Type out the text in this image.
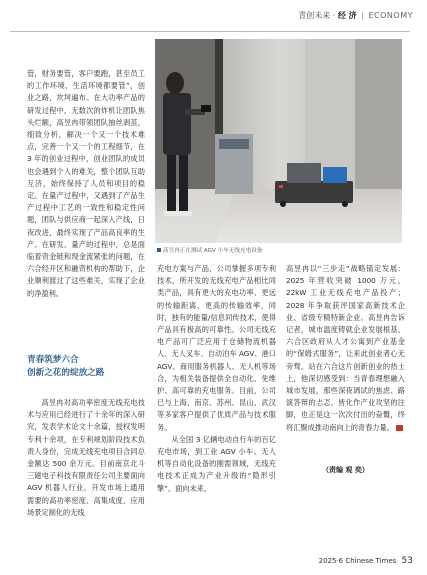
青创未来 · 经 济 | ECONOMY

管，财务要管，客户要跑，甚至员工的工作环境、生活环境都要管”，创业之路，坎坷遍布。在大功率产品的研发过程中，无数次的炸机让团队焦头烂额，高昱冉带领团队抽丝剥茧，细致分析，解决一个又一个技术难点，完善一个又一个的工程细节，在 3 年的创业过程中，创业团队的成员也会遇到个人的难关，整个团队互助互济，始终保持了人员和项目的稳定。在量产过程中，又遇到了产品生产过程中工艺的一致性和稳定性问题，团队与供应商一起深入产线，日夜改进，最终实现了产品高良率的生产。在研发、量产的过程中，总是面临着资金链和现金流紧张的问题，在六合经开区和融资机构的帮助下，企业顺利渡过了这些难关，实现了企业的净盈利。

高昱冉正在测试 AGV 小车无线充电设备
青春筑梦六合
创新之花的绽放之路

高昱冉对高功率密度无线充电技术与应用已经进行了十余年的深入研究，发表学术论文十余篇，授权发明专利十余项，在专利规划阶段技术负责人身份，完成无线充电项目合同总金额达 500 余万元。目前南京北斗三磁电子科技有限责任公司主要面向 AGV 机器人行业，开发市场上通用需要的高功率密度、高集成度、应用场景定制化的无线

充电方案与产品，公司掌握多项专利技术，所开发的无线充电产品相比同类产品，具有更大的充电功率、更远的传输距离、更高的传输效率，同时，独有的能量/信息同传技术，使得产品具有极高的可靠性。公司无线充电产品可广泛应用于仓储物流机器人、无人叉车、自动泊车 AGV、港口 AGV、商用服务机器人、无人机等场合，为相关装备提供全自动化、免维护、高可靠的充电服务。目前，公司已与上海、南京、苏州、昆山、武汉等多家客户提供了优质产品与技术服务。

从全国 3 亿辆电动自行车的百亿充电市场，到工业 AGV 小车、无人机等自动化设备的刚需领域，无线充电技术正成为产业升级的“隐形引擎”。面向未来，

高昱冉以“三步走”战略锚定发展：2025 年营收突破 1000 万元，22kW 工业无线充电产品投产；2028 年争取获评国家高新技术企业、省级专精特新企业。高昱冉告诉记者，城市温度铸就企业发展根基，六合区政府从人才公寓到产业基金的“保姆式服务”，让来此创业者心无旁骛。站在六合这片创新创业的热土上，他深切感受到：当青春理想融入城市发展，那些深夜调试的焦虑、路演答辩的忐忑，皆化作产业攻坚的注脚，也正是这一次次付出的奋慨，终将汇聚成推动南向上的青春力量。

（责编 观 奕）
2025·6 Chinese Times 53
